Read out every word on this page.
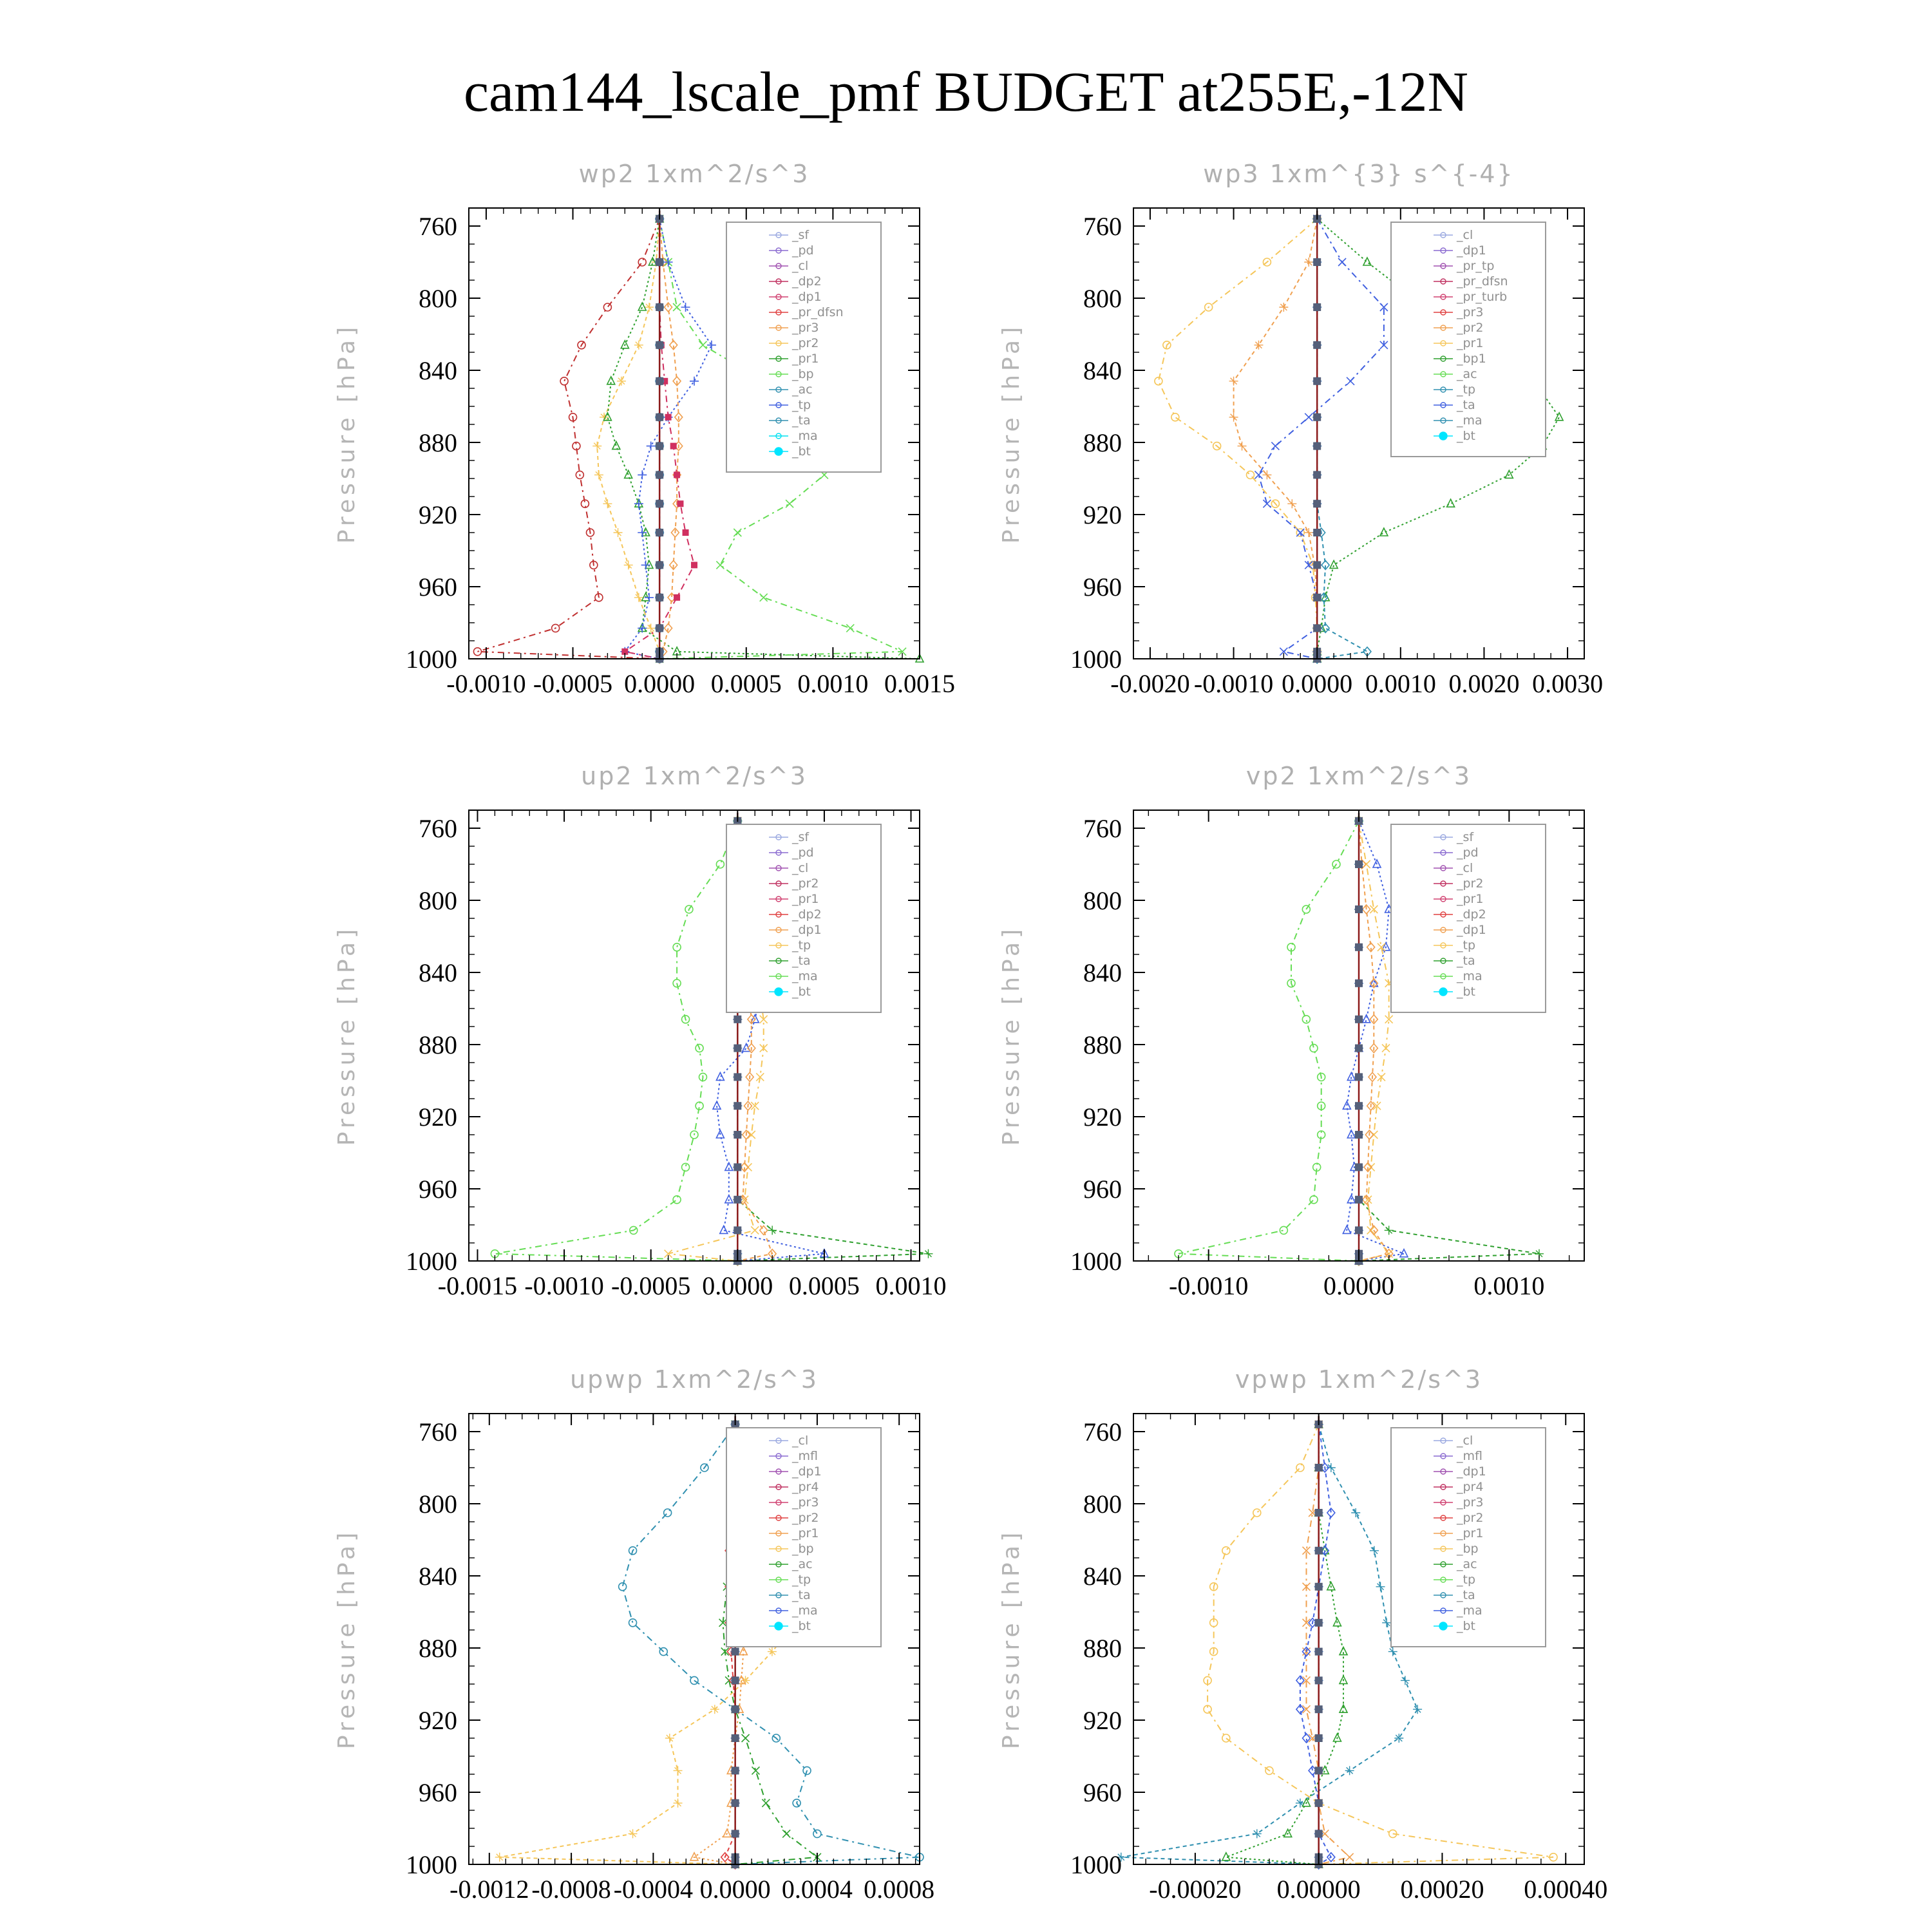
cam144_lscale_pmf BUDGET at255E,-12N
wp2 1xm^2/s^3
Pressure [hPa]
760
800
840
880
920
960
1000
-0.0010 -0.0005 0.0000 0.0005 0.0010 0.0015
_sf
_pd
_cl
_dp2
_dp1
_pr_dfsn
_pr3
_pr2
_pr1
_bp
_ac
_tp
_ta
_ma
_bt
wp3 1xm^{3} s^{-4}
Pressure [hPa]
760
800
840
880
920
960
1000
-0.0020 -0.0010 0.0000 0.0010 0.0020 0.0030
_cl
_dp1
_pr_tp
_pr_dfsn
_pr_turb
_pr3
_pr2
_pr1
_bp1
_ac
_tp
_ta
_ma
_bt
up2 1xm^2/s^3
Pressure [hPa]
760
800
840
880
920
960
1000
-0.0015 -0.0010 -0.0005 0.0000 0.0005 0.0010
_sf
_pd
_cl
_pr2
_pr1
_dp2
_dp1
_tp
_ta
_ma
_bt
vp2 1xm^2/s^3
Pressure [hPa]
760
800
840
880
920
960
1000
-0.0010	0.0000	0.0010
_sf
_pd
_cl
_pr2
_pr1
_dp2
_dp1
_tp
_ta
_ma
_bt
upwp 1xm^2/s^3
Pressure [hPa]
760
800
840
880
920
960
1000
-0.0012 -0.0008 -0.0004 0.0000 0.0004 0.0008
_cl
_mfl
_dp1
_pr4
_pr3
_pr2
_pr1
_bp
_ac
_tp
_ta
_ma
_bt
vpwp 1xm^2/s^3
Pressure [hPa]
760
800
840
880
920
960
1000
-0.00020 0.00000 0.00020 0.00040
_cl
_mfl
_dp1
_pr4
_pr3
_pr2
_pr1
_bp
_ac
_tp
_ta
_ma
_bt
